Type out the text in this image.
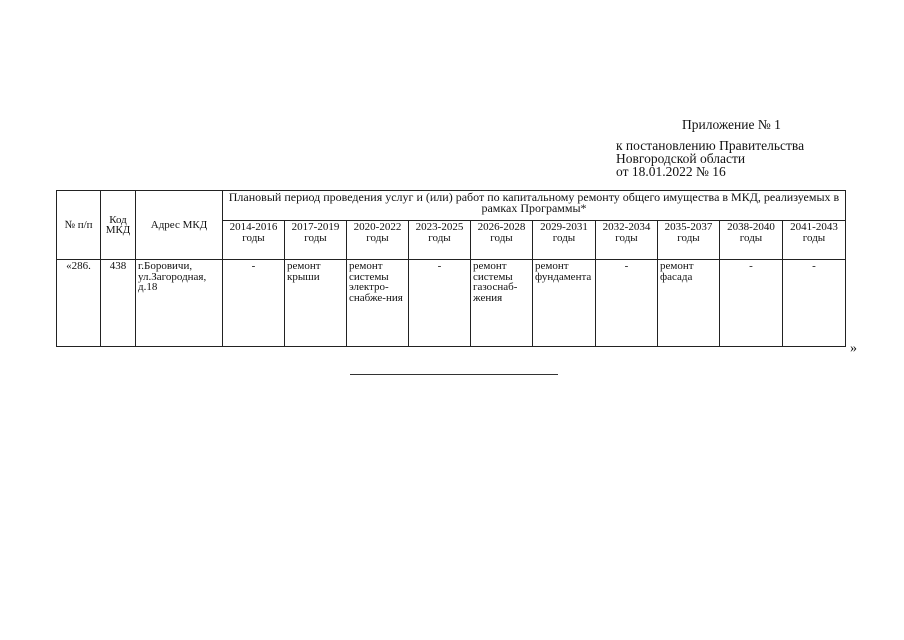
Приложение № 1
к постановлению Правительства
Новгородской области
от 18.01.2022 № 16
№ п/п	Код МКД	Адрес МКД	Плановый период проведения услуг и (или) работ по капитальному ремонту общего имущества в МКД, реализуемых в рамках Программы*									
			2014-2016 годы	2017-2019 годы	2020-2022 годы	2023-2025 годы	2026-2028 годы	2029-2031 годы	2032-2034 годы	2035-2037 годы	2038-2040 годы	2041-2043 годы
«286.	438	г.Боровичи, ул.Загородная, д.18	-	ремонт крыши	ремонт системы электро-снабже-ния	-	ремонт системы газоснаб-жения	ремонт фундамента	-	ремонт фасада	-	-
»
